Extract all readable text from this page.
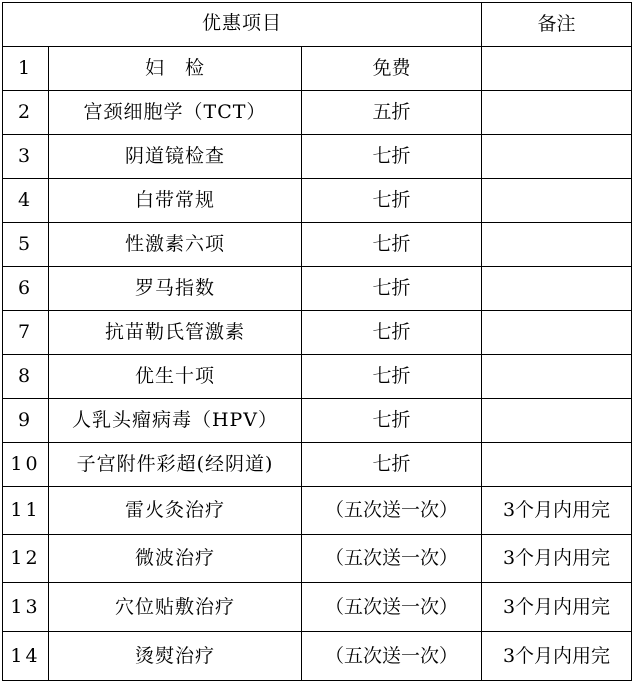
优惠项目			备注
1	妇　检	免费	
2	宫颈细胞学（TCT）	五折	
3	阴道镜检查	七折	
4	白带常规	七折	
5	性激素六项	七折	
6	罗马指数	七折	
7	抗苗勒氏管激素	七折	
8	优生十项	七折	
9	人乳头瘤病毒（HPV）	七折	
10	子宫附件彩超(经阴道)	七折	
11	雷火灸治疗	（五次送一次）	3个月内用完
12	微波治疗	（五次送一次）	3个月内用完
13	穴位贴敷治疗	（五次送一次）	3个月内用完
14	烫熨治疗	（五次送一次）	3个月内用完
